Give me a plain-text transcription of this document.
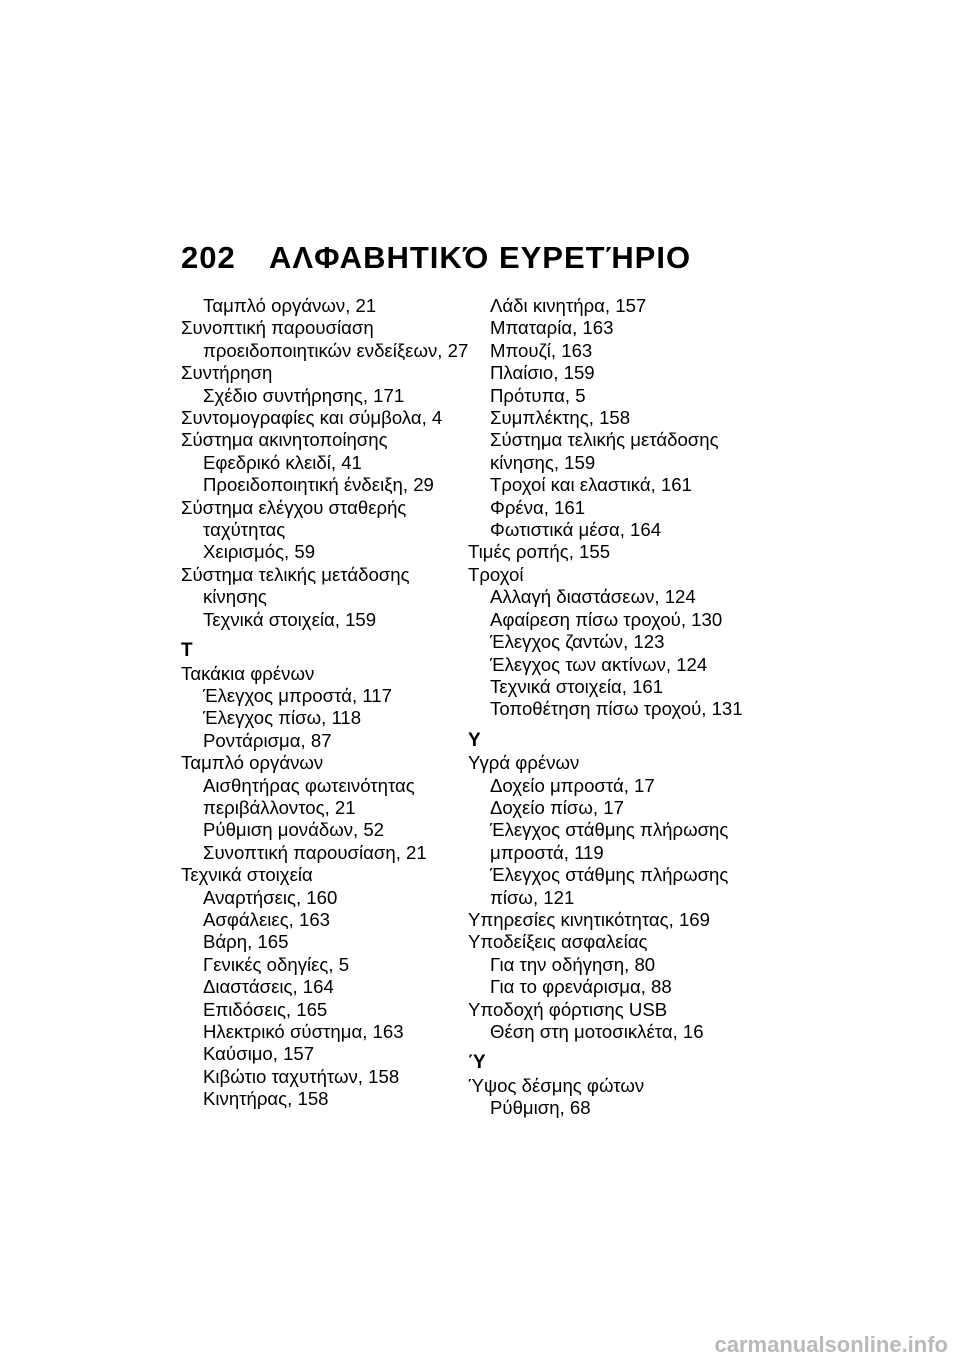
202 ΑΛΦΑΒΗΤΙΚΌ ΕΥΡΕΤΉΡΙΟ
Ταμπλό οργάνων, 21
Συνοπτική παρουσίαση
προειδοποιητικών ενδείξεων, 27
Συντήρηση
Σχέδιο συντήρησης, 171
Συντομογραφίες και σύμβολα, 4
Σύστημα ακινητοποίησης
Εφεδρικό κλειδί, 41
Προειδοποιητική ένδειξη, 29
Σύστημα ελέγχου σταθερής
ταχύτητας
Χειρισμός, 59
Σύστημα τελικής μετάδοσης
κίνησης
Τεχνικά στοιχεία, 159
Τ
Τακάκια φρένων
Έλεγχος μπροστά, 117
Έλεγχος πίσω, 118
Ροντάρισμα, 87
Ταμπλό οργάνων
Αισθητήρας φωτεινότητας
περιβάλλοντος, 21
Ρύθμιση μονάδων, 52
Συνοπτική παρουσίαση, 21
Τεχνικά στοιχεία
Αναρτήσεις, 160
Ασφάλειες, 163
Βάρη, 165
Γενικές οδηγίες, 5
Διαστάσεις, 164
Επιδόσεις, 165
Ηλεκτρικό σύστημα, 163
Καύσιμο, 157
Κιβώτιο ταχυτήτων, 158
Κινητήρας, 158
Λάδι κινητήρα, 157
Μπαταρία, 163
Μπουζί, 163
Πλαίσιο, 159
Πρότυπα, 5
Συμπλέκτης, 158
Σύστημα τελικής μετάδοσης
κίνησης, 159
Τροχοί και ελαστικά, 161
Φρένα, 161
Φωτιστικά μέσα, 164
Τιμές ροπής, 155
Τροχοί
Αλλαγή διαστάσεων, 124
Αφαίρεση πίσω τροχού, 130
Έλεγχος ζαντών, 123
Έλεγχος των ακτίνων, 124
Τεχνικά στοιχεία, 161
Τοποθέτηση πίσω τροχού, 131
Υ
Υγρά φρένων
Δοχείο μπροστά, 17
Δοχείο πίσω, 17
Έλεγχος στάθμης πλήρωσης
μπροστά, 119
Έλεγχος στάθμης πλήρωσης
πίσω, 121
Υπηρεσίες κινητικότητας, 169
Υποδείξεις ασφαλείας
Για την οδήγηση, 80
Για το φρενάρισμα, 88
Υποδοχή φόρτισης USB
Θέση στη μοτοσικλέτα, 16
Ύ
Ύψος δέσμης φώτων
Ρύθμιση, 68
carmanualsonline.info
